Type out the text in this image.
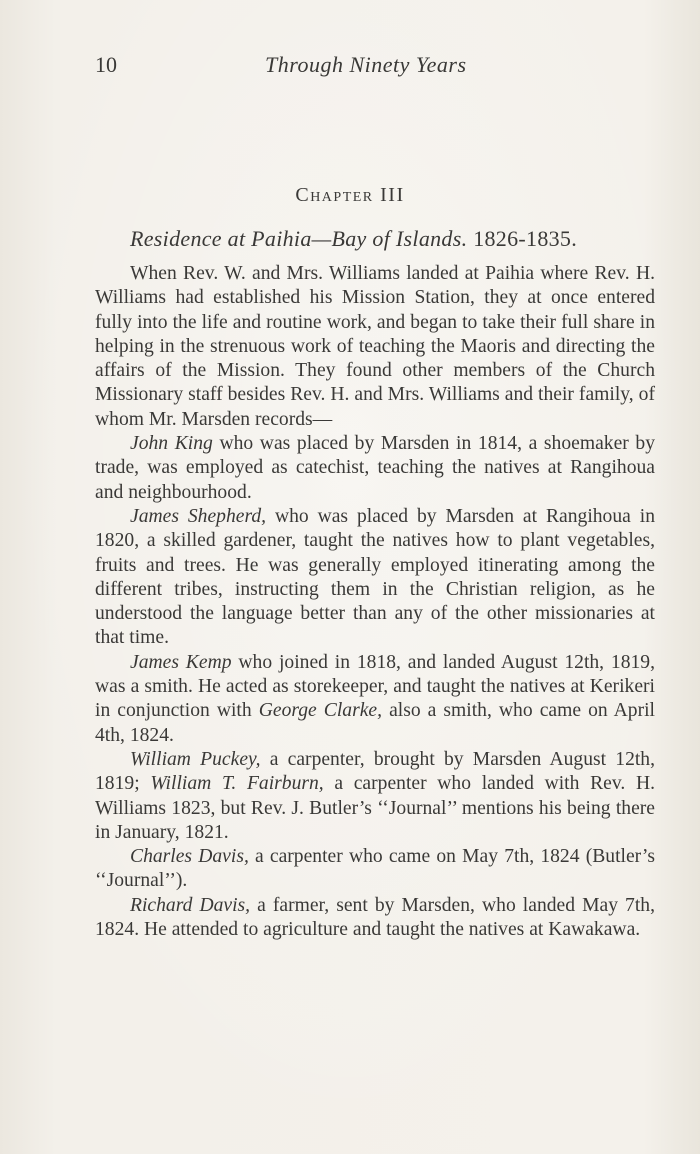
10	Through Ninety Years
Chapter III
Residence at Paihia—Bay of Islands. 1826-1835.

When Rev. W. and Mrs. Williams landed at Paihia where Rev. H. Williams had established his Mission Station, they at once entered fully into the life and routine work, and began to take their full share in helping in the strenuous work of teaching the Maoris and directing the affairs of the Mission. They found other members of the Church Missionary staff besides Rev. H. and Mrs. Williams and their family, of whom Mr. Marsden records—

John King who was placed by Marsden in 1814, a shoemaker by trade, was employed as catechist, teaching the natives at Rangihoua and neighbourhood.

James Shepherd, who was placed by Marsden at Rangihoua in 1820, a skilled gardener, taught the natives how to plant vegetables, fruits and trees. He was generally employed itinerating among the different tribes, instructing them in the Christian religion, as he understood the language better than any of the other missionaries at that time.

James Kemp who joined in 1818, and landed August 12th, 1819, was a smith. He acted as storekeeper, and taught the natives at Kerikeri in conjunction with George Clarke, also a smith, who came on April 4th, 1824.

William Puckey, a carpenter, brought by Marsden August 12th, 1819; William T. Fairburn, a carpenter who landed with Rev. H. Williams 1823, but Rev. J. Butler’s ‘‘Journal’’ mentions his being there in January, 1821.

Charles Davis, a carpenter who came on May 7th, 1824 (Butler’s ‘‘Journal’’).

Richard Davis, a farmer, sent by Marsden, who landed May 7th, 1824. He attended to agriculture and taught the natives at Kawakawa.
